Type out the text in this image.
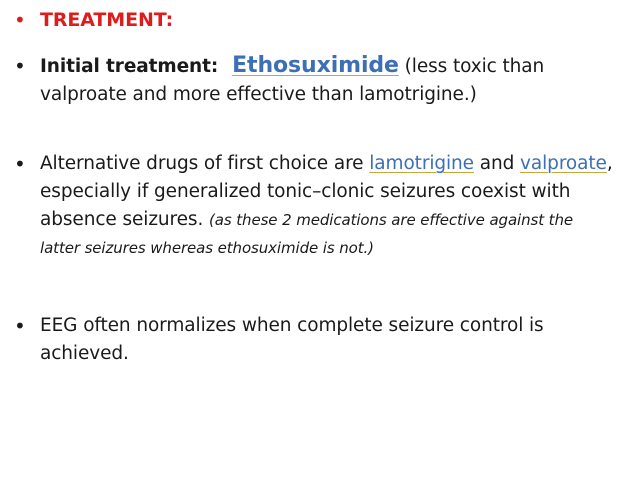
• TREATMENT:
• Initial treatment: Ethosuximide (less toxic than valproate and more effective than lamotrigine.)
• Alternative drugs of first choice are lamotrigine and valproate, especially if generalized tonic–clonic seizures coexist with absence seizures. (as these 2 medications are effective against the latter seizures whereas ethosuximide is not.)
• EEG often normalizes when complete seizure control is achieved.
